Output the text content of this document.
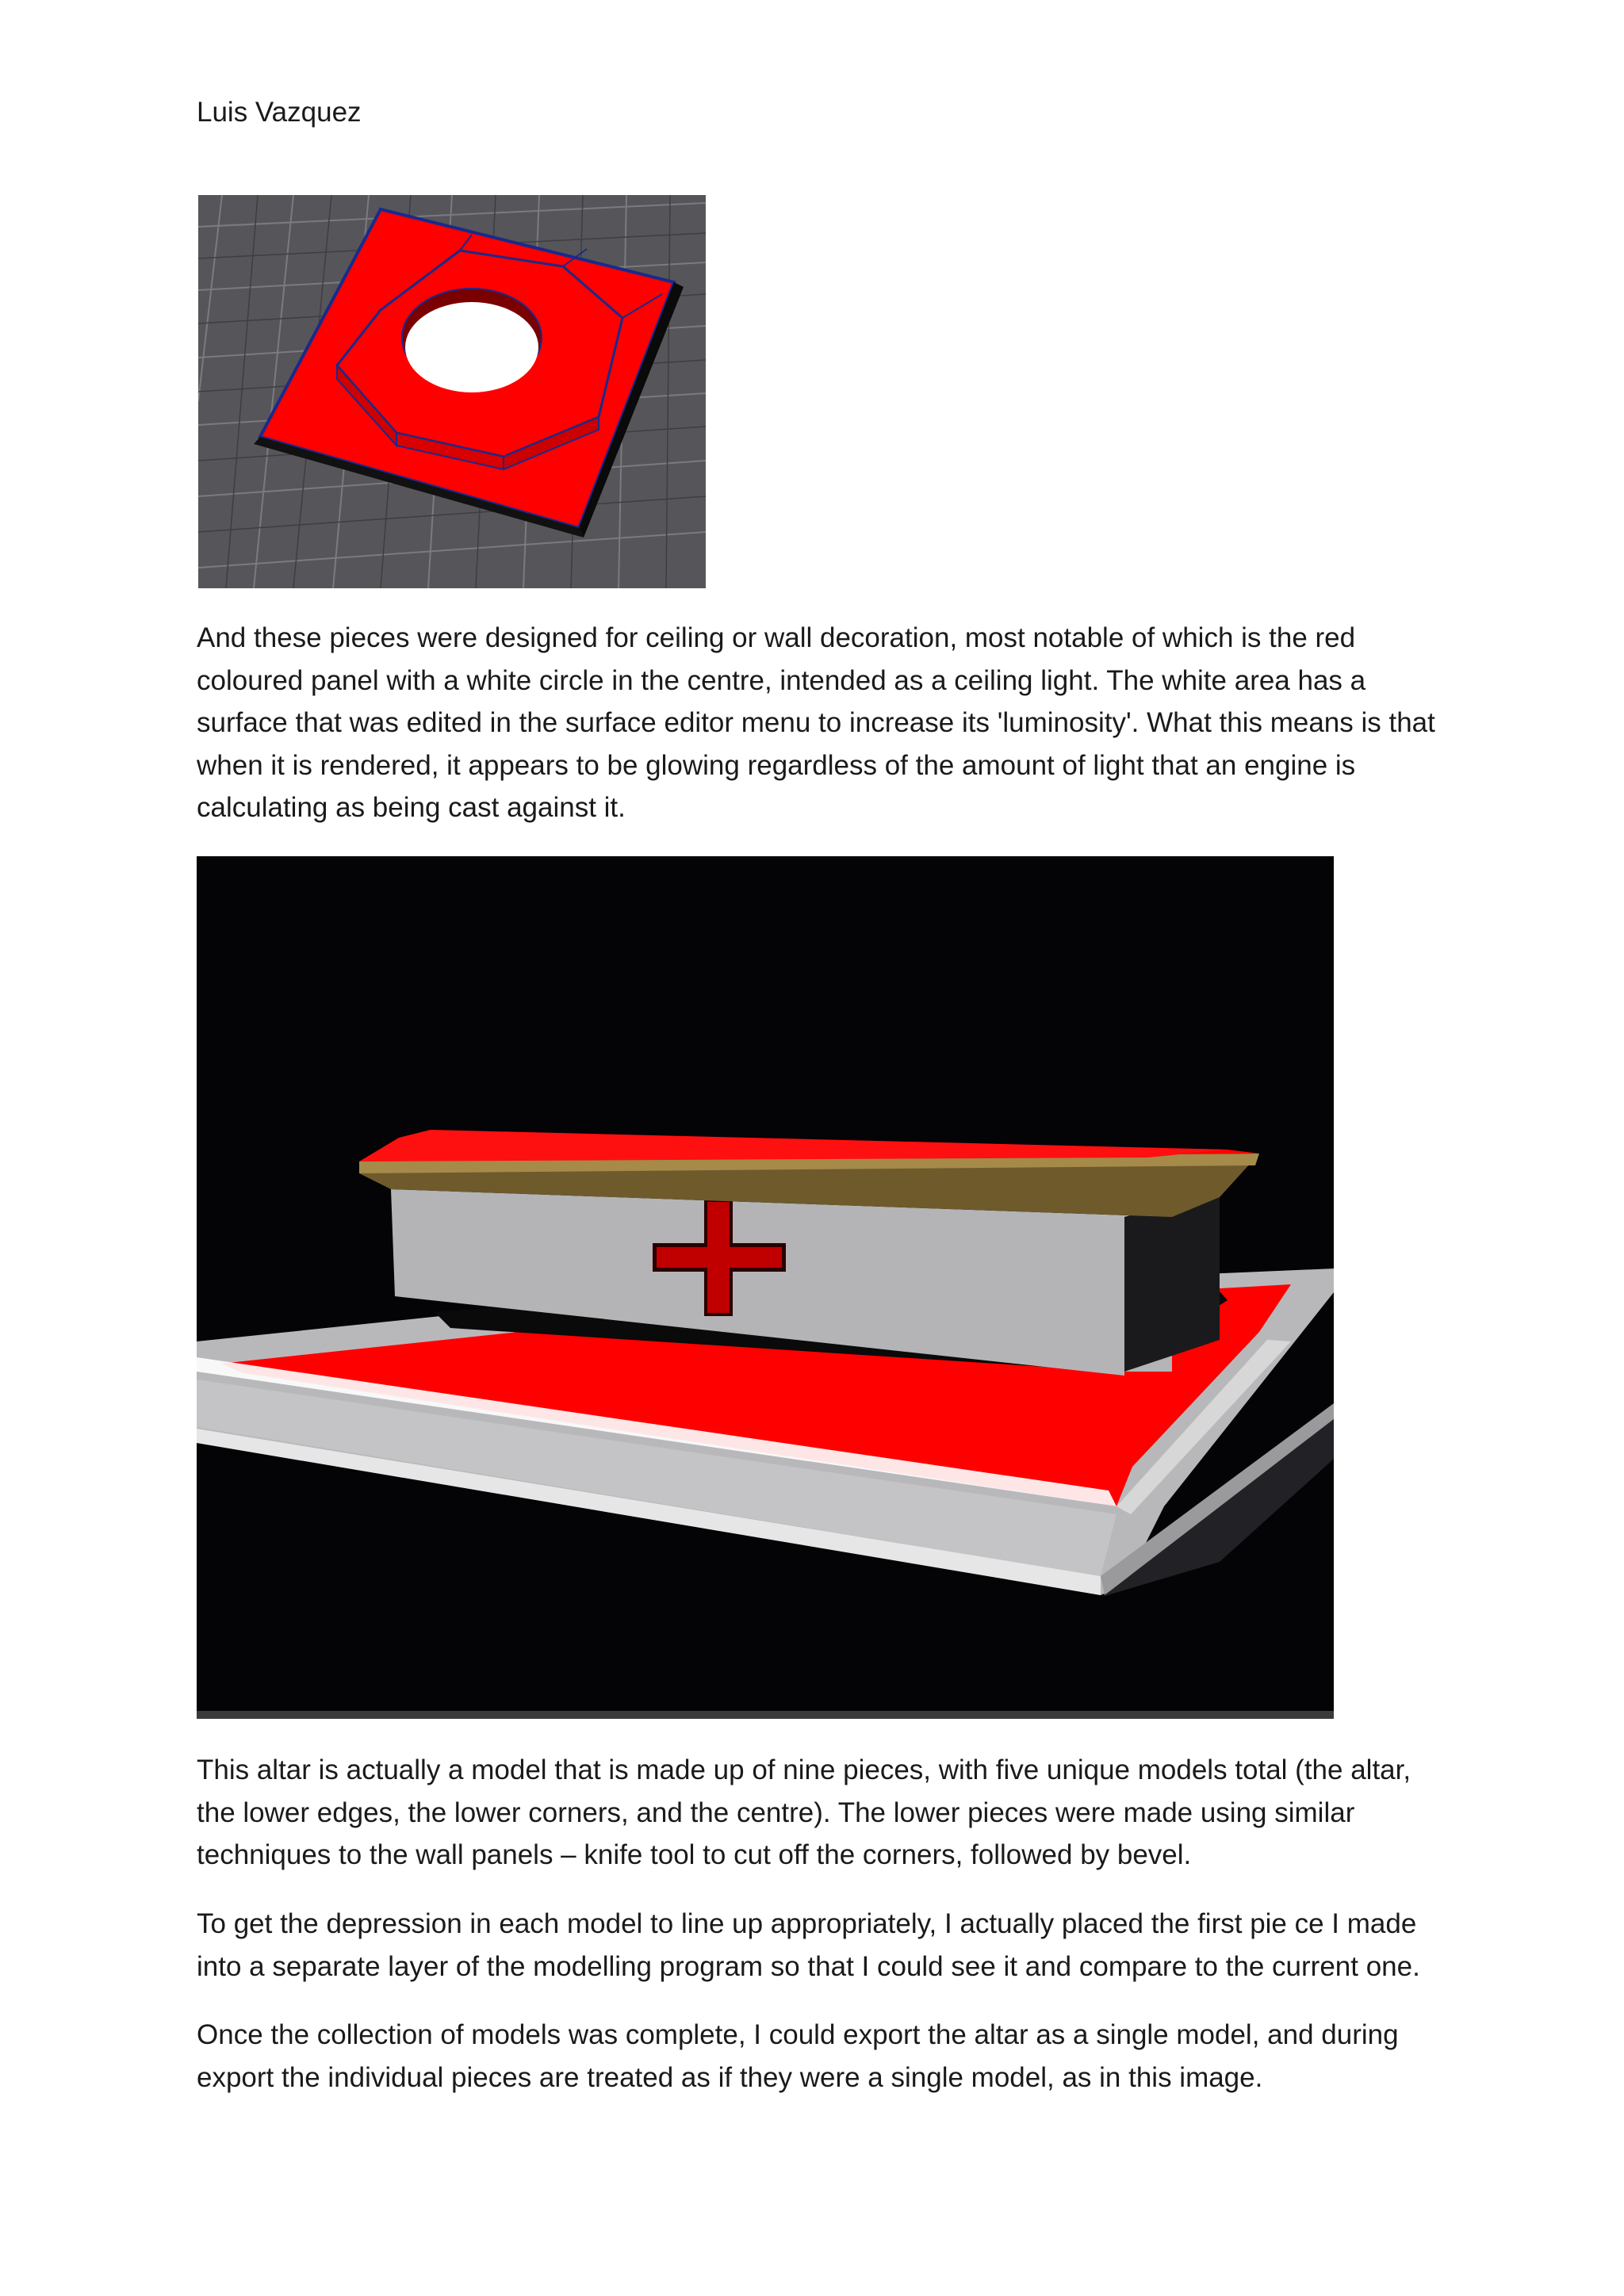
Luis Vazquez

And these pieces were designed for ceiling or wall decoration, most notable of which is the red coloured panel with a white circle in the centre, intended as a ceiling light. The white area has a surface that was edited in the surface editor menu to increase its 'luminosity'. What this means is that when it is rendered, it appears to be glowing regardless of the amount of light that an engine is calculating as being cast against it.

This altar is actually a model that is made up of nine pieces, with five unique models total (the altar, the lower edges, the lower corners, and the centre). The lower pieces were made using similar techniques to the wall panels – knife tool to cut off the corners, followed by bevel.

To get the depression in each model to line up appropriately, I actually placed the first pie ce I made into a separate layer of the modelling program so that I could see it and compare to the current one.

Once the collection of models was complete, I could export the altar as a single model, and during export the individual pieces are treated as if they were a single model, as in this image.
